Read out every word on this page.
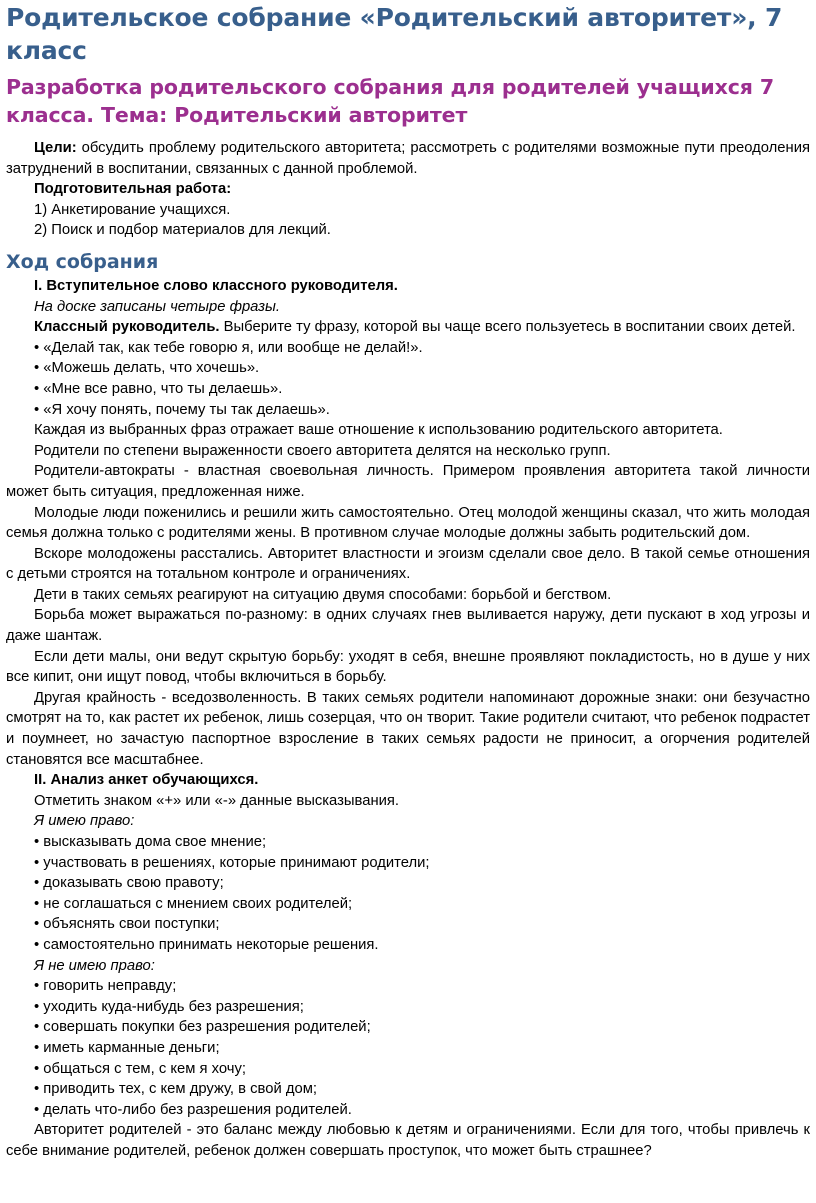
Родительское собрание «Родительский авторитет», 7 класс
Разработка родительского собрания для родителей учащихся 7 класса. Тема: Родительский авторитет

Цели: обсудить проблему родительского авторитета; рассмотреть с родителями возможные пути преодоления затруднений в воспитании, связанных с данной проблемой.

Подготовительная работа:

1) Анкетирование учащихся.

2) Поиск и подбор материалов для лекций.

Ход собрания

I. Вступительное слово классного руководителя.

На доске записаны четыре фразы.

Классный руководитель. Выберите ту фразу, которой вы чаще всего пользуетесь в воспитании своих детей.

• «Делай так, как тебе говорю я, или вообще не делай!».

• «Можешь делать, что хочешь».

• «Мне все равно, что ты делаешь».

• «Я хочу понять, почему ты так делаешь».

Каждая из выбранных фраз отражает ваше отношение к использованию родительского авторитета.

Родители по степени выраженности своего авторитета делятся на несколько групп.

Родители-автократы - властная своевольная личность. Примером проявления авторитета такой личности может быть ситуация, предложенная ниже.

Молодые люди поженились и решили жить самостоятельно. Отец молодой женщины сказал, что жить молодая семья должна только с родителями жены. В противном случае молодые должны забыть родительский дом.

Вскоре молодожены расстались. Авторитет властности и эгоизм сделали свое дело. В такой семье отношения с детьми строятся на тотальном контроле и ограничениях.

Дети в таких семьях реагируют на ситуацию двумя способами: борьбой и бегством.

Борьба может выражаться по-разному: в одних случаях гнев выливается наружу, дети пускают в ход угрозы и даже шантаж.

Если дети малы, они ведут скрытую борьбу: уходят в себя, внешне проявляют покладистость, но в душе у них все кипит, они ищут повод, чтобы включиться в борьбу.

Другая крайность - вседозволенность. В таких семьях родители напоминают дорожные знаки: они безучастно смотрят на то, как растет их ребенок, лишь созерцая, что он творит. Такие родители считают, что ребенок подрастет и поумнеет, но зачастую паспортное взросление в таких семьях радости не приносит, а огорчения родителей становятся все масштабнее.

II. Анализ анкет обучающихся.

Отметить знаком «+» или «-» данные высказывания.

Я имею право:

• высказывать дома свое мнение;

• участвовать в решениях, которые принимают родители;

• доказывать свою правоту;

• не соглашаться с мнением своих родителей;

• объяснять свои поступки;

• самостоятельно принимать некоторые решения.

Я не имею право:

• говорить неправду;

• уходить куда-нибудь без разрешения;

• совершать покупки без разрешения родителей;

• иметь карманные деньги;

• общаться с тем, с кем я хочу;

• приводить тех, с кем дружу, в свой дом;

• делать что-либо без разрешения родителей.

Авторитет родителей - это баланс между любовью к детям и ограничениями. Если для того, чтобы привлечь к себе внимание родителей, ребенок должен совершать проступок, что может быть страшнее?
